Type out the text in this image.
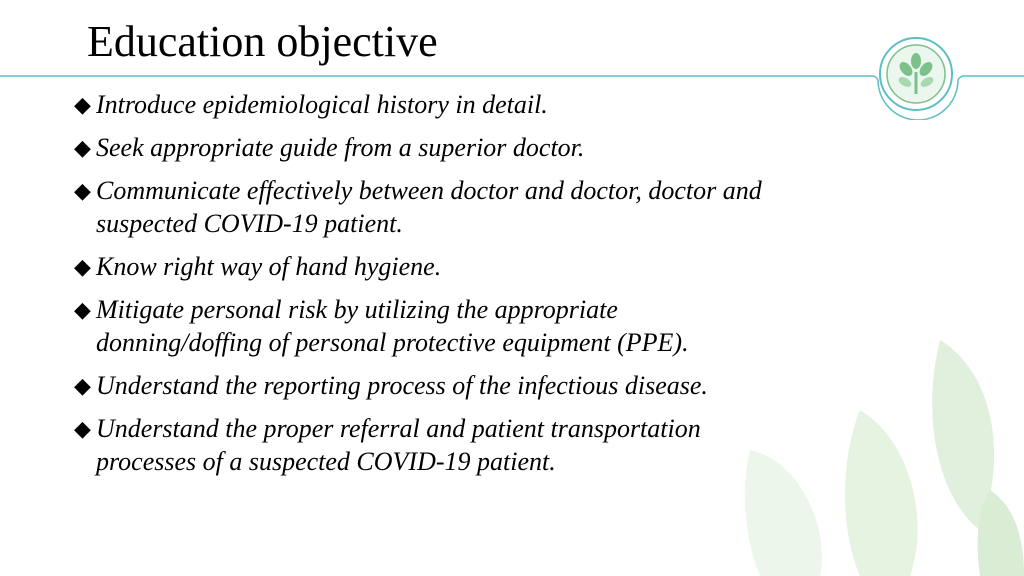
Education objective
◆ Introduce epidemiological history in detail.
◆ Seek appropriate guide from a superior doctor.
◆ Communicate effectively between doctor and doctor, doctor and
suspected COVID-19 patient.
◆ Know right way of hand hygiene.
◆ Mitigate personal risk by utilizing the appropriate
donning/doffing of personal protective equipment (PPE).
◆ Understand the reporting process of the infectious disease.
◆ Understand the proper referral and patient transportation
processes of a suspected COVID-19 patient.
